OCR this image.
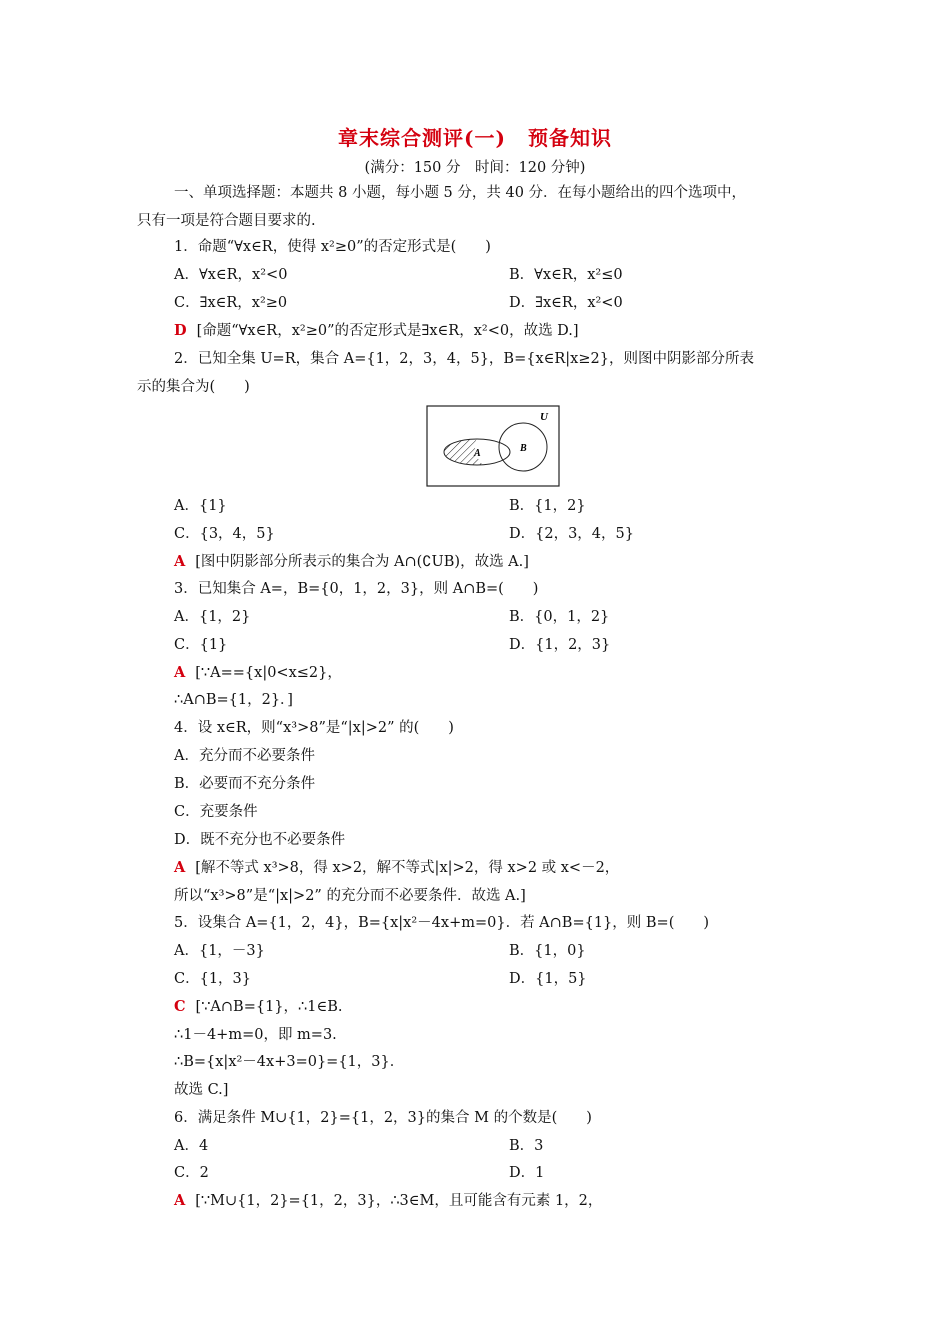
章末综合测评(一) 预备知识
(满分：150 分　时间：120 分钟)
一、单项选择题：本题共 8 小题，每小题 5 分，共 40 分．在每小题给出的四个选项中，
只有一项是符合题目要求的.
1．命题“∀x∈R，使得 x²≥0”的否定形式是(　　)
A．∀x∈R，x²<0	B．∀x∈R，x²≤0
C．∃x∈R，x²≥0	D．∃x∈R，x²<0
D [命题“∀x∈R，x²≥0”的否定形式是∃x∈R，x²<0，故选 D.]
2．已知全集 U=R，集合 A={1，2，3，4，5}，B={x∈R|x≥2}，则图中阴影部分所表
示的集合为(　　)
U
A	B
A．{1}	B．{1，2}
C．{3，4，5}	D．{2，3，4，5}
A [图中阴影部分所表示的集合为 A∩(∁UB)，故选 A.]
3．已知集合 A=，B={0，1，2，3}，则 A∩B=(　　)
A．{1，2}	B．{0，1，2}
C．{1}	D．{1，2，3}
A [∵A=={x|0<x≤2}，
∴A∩B={1，2}．]
4．设 x∈R，则“x³>8”是“|x|>2” 的(　　)
A．充分而不必要条件
B．必要而不充分条件
C．充要条件
D．既不充分也不必要条件
A [解不等式 x³>8，得 x>2，解不等式|x|>2，得 x>2 或 x<－2，
所以“x³>8”是“|x|>2” 的充分而不必要条件．故选 A.]
5．设集合 A={1，2，4}，B={x|x²－4x+m=0}．若 A∩B={1}，则 B=(　　)
A．{1，－3}	B．{1，0}
C．{1，3}	D．{1，5}
C [∵A∩B={1}，∴1∈B.
∴1－4+m=0，即 m=3.
∴B={x|x²－4x+3=0}={1，3}．
故选 C.]
6．满足条件 M∪{1，2}={1，2，3}的集合 M 的个数是(　　)
A．4	B．3
C．2	D．1
A [∵M∪{1，2}={1，2，3}，∴3∈M，且可能含有元素 1，2，
